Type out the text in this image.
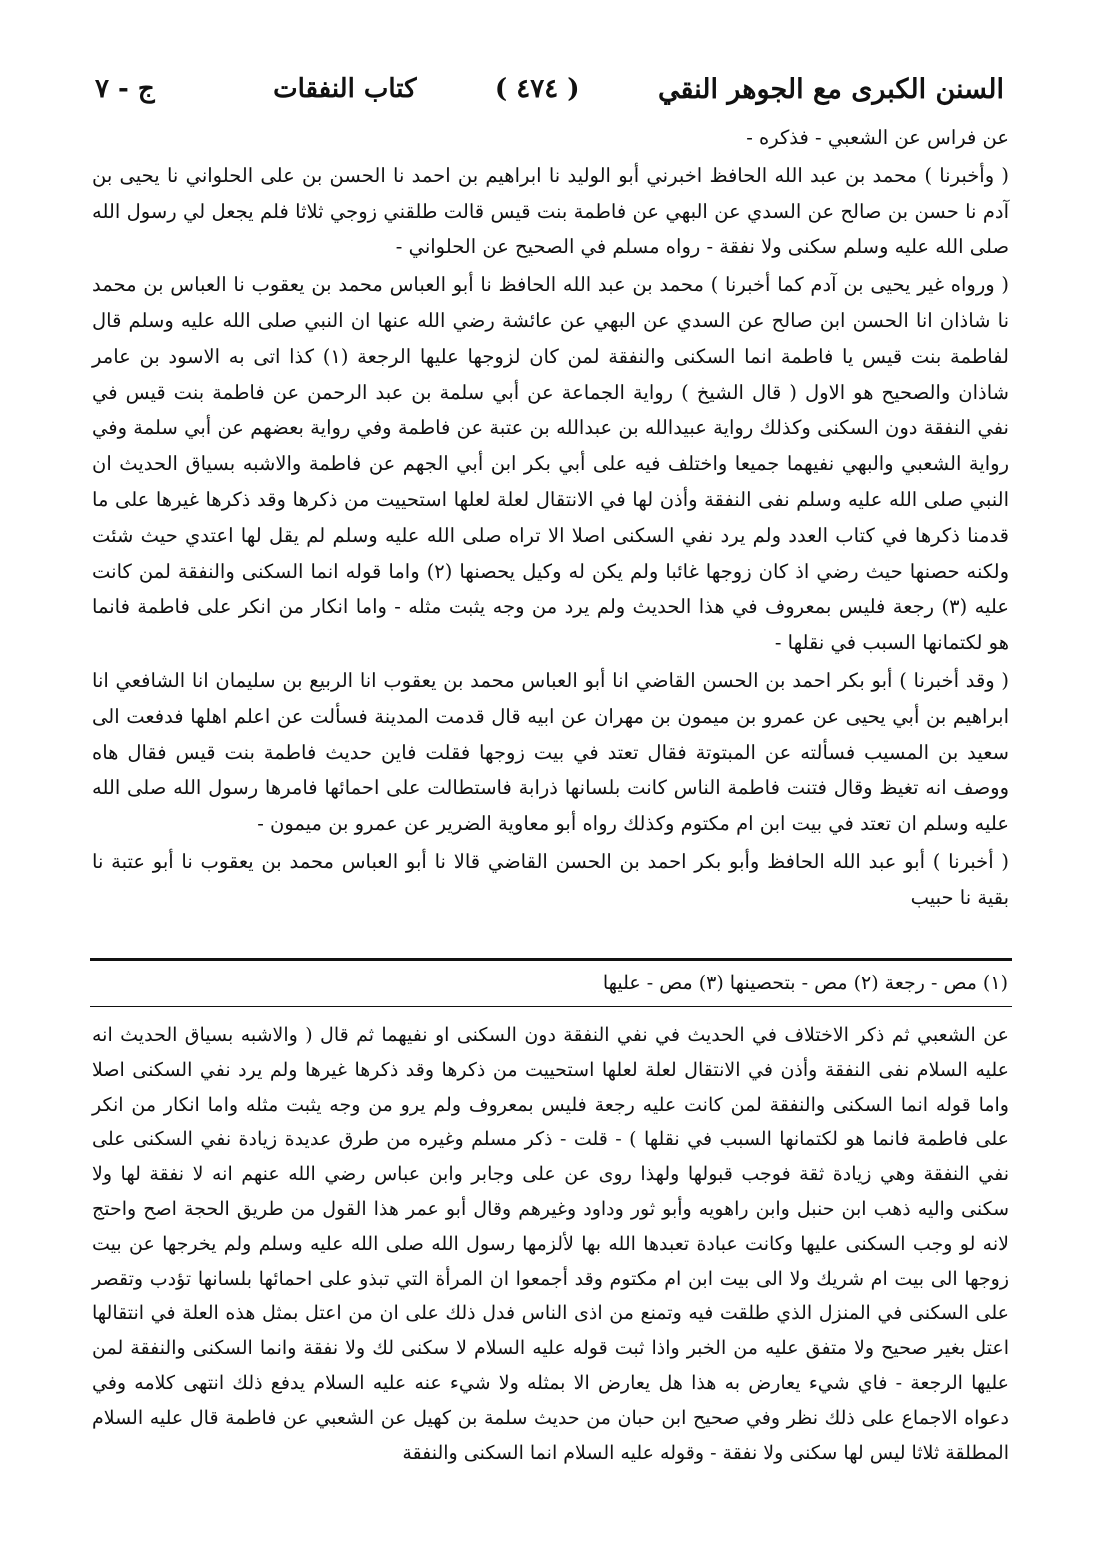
السنن الكبرى مع الجوهر النقي
( ٤٧٤ )
كتاب النفقات
ج - ٧

عن فراس عن الشعبي - فذكره -

( وأخبرنا ) محمد بن عبد الله الحافظ اخبرني أبو الوليد نا ابراهيم بن احمد نا الحسن بن على الحلواني نا يحيى بن آدم نا حسن بن صالح عن السدي عن البهي عن فاطمة بنت قيس قالت طلقني زوجي ثلاثا فلم يجعل لي رسول الله صلى الله عليه وسلم سكنى ولا نفقة - رواه مسلم في الصحيح عن الحلواني -

( ورواه غير يحيى بن آدم كما أخبرنا ) محمد بن عبد الله الحافظ نا أبو العباس محمد بن يعقوب نا العباس بن محمد نا شاذان انا الحسن ابن صالح عن السدي عن البهي عن عائشة رضي الله عنها ان النبي صلى الله عليه وسلم قال لفاطمة بنت قيس يا فاطمة انما السكنى والنفقة لمن كان لزوجها عليها الرجعة (١) كذا اتى به الاسود بن عامر شاذان والصحيح هو الاول ( قال الشيخ ) رواية الجماعة عن أبي سلمة بن عبد الرحمن عن فاطمة بنت قيس في نفي النفقة دون السكنى وكذلك رواية عبيدالله بن عبدالله بن عتبة عن فاطمة وفي رواية بعضهم عن أبي سلمة وفي رواية الشعبي والبهي نفيهما جميعا واختلف فيه على أبي بكر ابن أبي الجهم عن فاطمة والاشبه بسياق الحديث ان النبي صلى الله عليه وسلم نفى النفقة وأذن لها في الانتقال لعلة لعلها استحييت من ذكرها وقد ذكرها غيرها على ما قدمنا ذكرها في كتاب العدد ولم يرد نفي السكنى اصلا الا تراه صلى الله عليه وسلم لم يقل لها اعتدي حيث شئت ولكنه حصنها حيث رضي اذ كان زوجها غائبا ولم يكن له وكيل يحصنها (٢) واما قوله انما السكنى والنفقة لمن كانت عليه (٣) رجعة فليس بمعروف في هذا الحديث ولم يرد من وجه يثبت مثله - واما انكار من انكر على فاطمة فانما هو لكتمانها السبب في نقلها -

( وقد أخبرنا ) أبو بكر احمد بن الحسن القاضي انا أبو العباس محمد بن يعقوب انا الربيع بن سليمان انا الشافعي انا ابراهيم بن أبي يحيى عن عمرو بن ميمون بن مهران عن ابيه قال قدمت المدينة فسألت عن اعلم اهلها فدفعت الى سعيد بن المسيب فسألته عن المبتوتة فقال تعتد في بيت زوجها فقلت فاين حديث فاطمة بنت قيس فقال هاه ووصف انه تغيظ وقال فتنت فاطمة الناس كانت بلسانها ذرابة فاستطالت على احمائها فامرها رسول الله صلى الله عليه وسلم ان تعتد في بيت ابن ام مكتوم وكذلك رواه أبو معاوية الضرير عن عمرو بن ميمون -

( أخبرنا ) أبو عبد الله الحافظ وأبو بكر احمد بن الحسن القاضي قالا نا أبو العباس محمد بن يعقوب نا أبو عتبة نا بقية نا حبيب

(١) مص - رجعة (٢) مص - بتحصينها (٣) مص - عليها

عن الشعبي ثم ذكر الاختلاف في الحديث في نفي النفقة دون السكنى او نفيهما ثم قال ( والاشبه بسياق الحديث انه عليه السلام نفى النفقة وأذن في الانتقال لعلة لعلها استحييت من ذكرها وقد ذكرها غيرها ولم يرد نفي السكنى اصلا واما قوله انما السكنى والنفقة لمن كانت عليه رجعة فليس بمعروف ولم يرو من وجه يثبت مثله واما انكار من انكر على فاطمة فانما هو لكتمانها السبب في نقلها ) - قلت - ذكر مسلم وغيره من طرق عديدة زيادة نفي السكنى على نفي النفقة وهي زيادة ثقة فوجب قبولها ولهذا روى عن على وجابر وابن عباس رضي الله عنهم انه لا نفقة لها ولا سكنى واليه ذهب ابن حنبل وابن راهويه وأبو ثور وداود وغيرهم وقال أبو عمر هذا القول من طريق الحجة اصح واحتج لانه لو وجب السكنى عليها وكانت عبادة تعبدها الله بها لألزمها رسول الله صلى الله عليه وسلم ولم يخرجها عن بيت زوجها الى بيت ام شريك ولا الى بيت ابن ام مكتوم وقد أجمعوا ان المرأة التي تبذو على احمائها بلسانها تؤدب وتقصر على السكنى في المنزل الذي طلقت فيه وتمنع من اذى الناس فدل ذلك على ان من اعتل بمثل هذه العلة في انتقالها اعتل بغير صحيح ولا متفق عليه من الخبر واذا ثبت قوله عليه السلام لا سكنى لك ولا نفقة وانما السكنى والنفقة لمن عليها الرجعة - فاي شيء يعارض به هذا هل يعارض الا بمثله ولا شيء عنه عليه السلام يدفع ذلك انتهى كلامه وفي دعواه الاجماع على ذلك نظر وفي صحيح ابن حبان من حديث سلمة بن كهيل عن الشعبي عن فاطمة قال عليه السلام المطلقة ثلاثا ليس لها سكنى ولا نفقة - وقوله عليه السلام انما السكنى والنفقة
